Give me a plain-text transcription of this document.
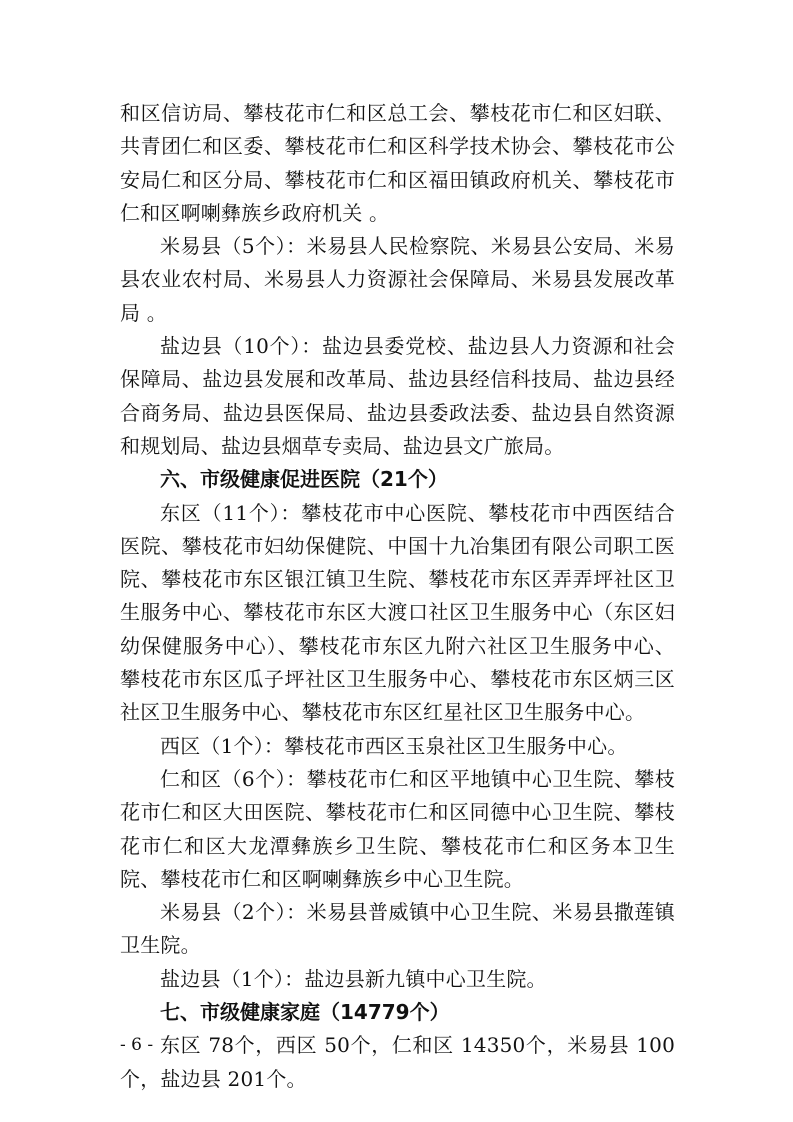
和区信访局、攀枝花市仁和区总工会、攀枝花市仁和区妇联、共青团仁和区委、攀枝花市仁和区科学技术协会、攀枝花市公安局仁和区分局、攀枝花市仁和区福田镇政府机关、攀枝花市仁和区啊喇彝族乡政府机关 。

米易县（5个）：米易县人民检察院、米易县公安局、米易县农业农村局、米易县人力资源社会保障局、米易县发展改革局 。

盐边县（10个）：盐边县委党校、盐边县人力资源和社会保障局、盐边县发展和改革局、盐边县经信科技局、盐边县经合商务局、盐边县医保局、盐边县委政法委、盐边县自然资源和规划局、盐边县烟草专卖局、盐边县文广旅局。

六、市级健康促进医院（21个）

东区（11个）：攀枝花市中心医院、攀枝花市中西医结合医院、攀枝花市妇幼保健院、中国十九冶集团有限公司职工医院、攀枝花市东区银江镇卫生院、攀枝花市东区弄弄坪社区卫生服务中心、攀枝花市东区大渡口社区卫生服务中心（东区妇幼保健服务中心）、攀枝花市东区九附六社区卫生服务中心、攀枝花市东区瓜子坪社区卫生服务中心、攀枝花市东区炳三区社区卫生服务中心、攀枝花市东区红星社区卫生服务中心。

西区（1个）：攀枝花市西区玉泉社区卫生服务中心。

仁和区（6个）：攀枝花市仁和区平地镇中心卫生院、攀枝花市仁和区大田医院、攀枝花市仁和区同德中心卫生院、攀枝花市仁和区大龙潭彝族乡卫生院、攀枝花市仁和区务本卫生院、攀枝花市仁和区啊喇彝族乡中心卫生院。

米易县（2个）：米易县普威镇中心卫生院、米易县撒莲镇卫生院。

盐边县（1个）：盐边县新九镇中心卫生院。

七、市级健康家庭（14779个）

东区 78个，西区 50个，仁和区 14350个，米易县 100个，盐边县 201个。

- 6 -
